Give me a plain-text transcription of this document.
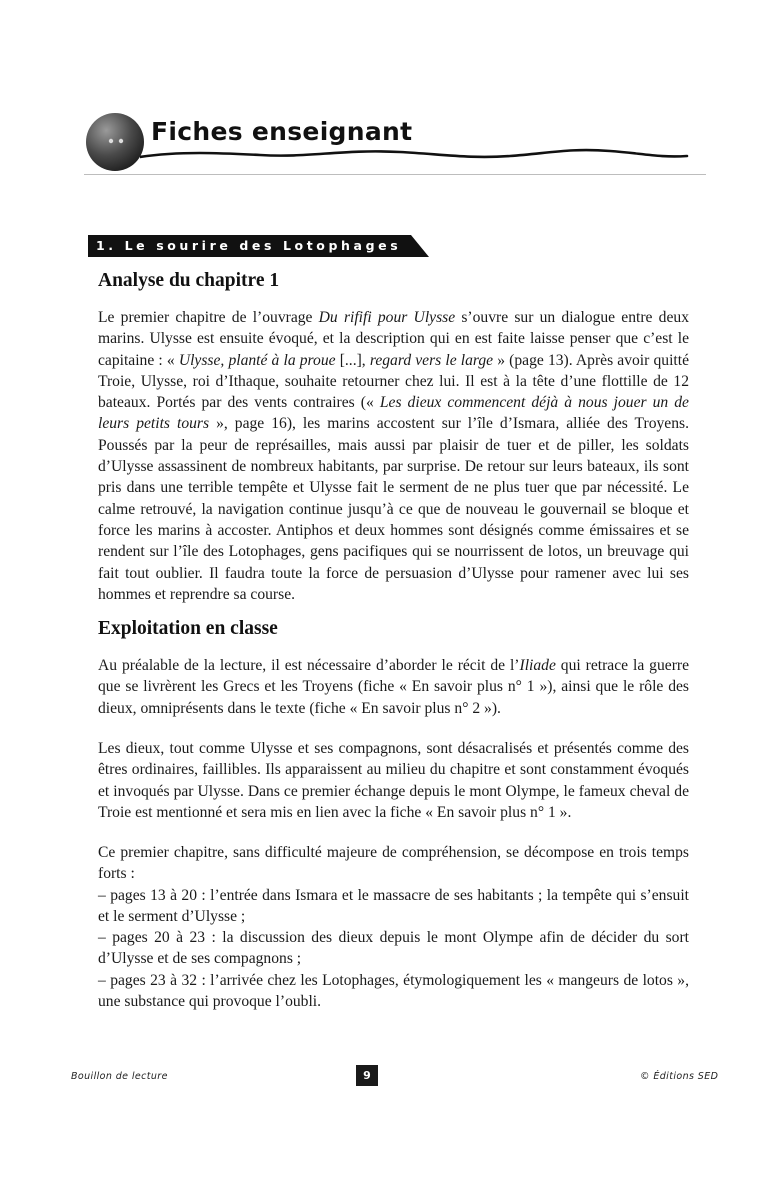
Fiches enseignant
1. Le sourire des Lotophages
Analyse du chapitre 1

Le premier chapitre de l’ouvrage Du rififi pour Ulysse s’ouvre sur un dialogue entre deux marins. Ulysse est ensuite évoqué, et la description qui en est faite laisse penser que c’est le capitaine : « Ulysse, planté à la proue [...], regard vers le large » (page 13). Après avoir quitté Troie, Ulysse, roi d’Ithaque, souhaite retourner chez lui. Il est à la tête d’une flottille de 12 bateaux. Portés par des vents contraires (« Les dieux commencent déjà à nous jouer un de leurs petits tours », page 16), les marins accostent sur l’île d’Ismara, alliée des Troyens. Poussés par la peur de représailles, mais aussi par plaisir de tuer et de piller, les soldats d’Ulysse assassinent de nombreux habitants, par surprise. De retour sur leurs bateaux, ils sont pris dans une terrible tempête et Ulysse fait le serment de ne plus tuer que par nécessité. Le calme retrouvé, la navigation continue jusqu’à ce que de nouveau le gouvernail se bloque et force les marins à accoster. Antiphos et deux hommes sont désignés comme émissaires et se rendent sur l’île des Lotophages, gens pacifiques qui se nourrissent de lotos, un breuvage qui fait tout oublier. Il faudra toute la force de persuasion d’Ulysse pour ramener avec lui ses hommes et reprendre sa course.

Exploitation en classe

Au préalable de la lecture, il est nécessaire d’aborder le récit de l’Iliade qui retrace la guerre que se livrèrent les Grecs et les Troyens (fiche « En savoir plus n° 1 »), ainsi que le rôle des dieux, omniprésents dans le texte (fiche « En savoir plus n° 2 »).

Les dieux, tout comme Ulysse et ses compagnons, sont désacralisés et présentés comme des êtres ordinaires, faillibles. Ils apparaissent au milieu du chapitre et sont constamment évoqués et invoqués par Ulysse. Dans ce premier échange depuis le mont Olympe, le fameux cheval de Troie est mentionné et sera mis en lien avec la fiche « En savoir plus n° 1 ».

Ce premier chapitre, sans difficulté majeure de compréhension, se décompose en trois temps forts :

– pages 13 à 20 : l’entrée dans Ismara et le massacre de ses habitants ; la tempête qui s’ensuit et le serment d’Ulysse ;

– pages 20 à 23 : la discussion des dieux depuis le mont Olympe afin de décider du sort d’Ulysse et de ses compagnons ;

– pages 23 à 32 : l’arrivée chez les Lotophages, étymologiquement les « mangeurs de lotos », une substance qui provoque l’oubli.

Bouillon de lecture	9	© Éditions SED
